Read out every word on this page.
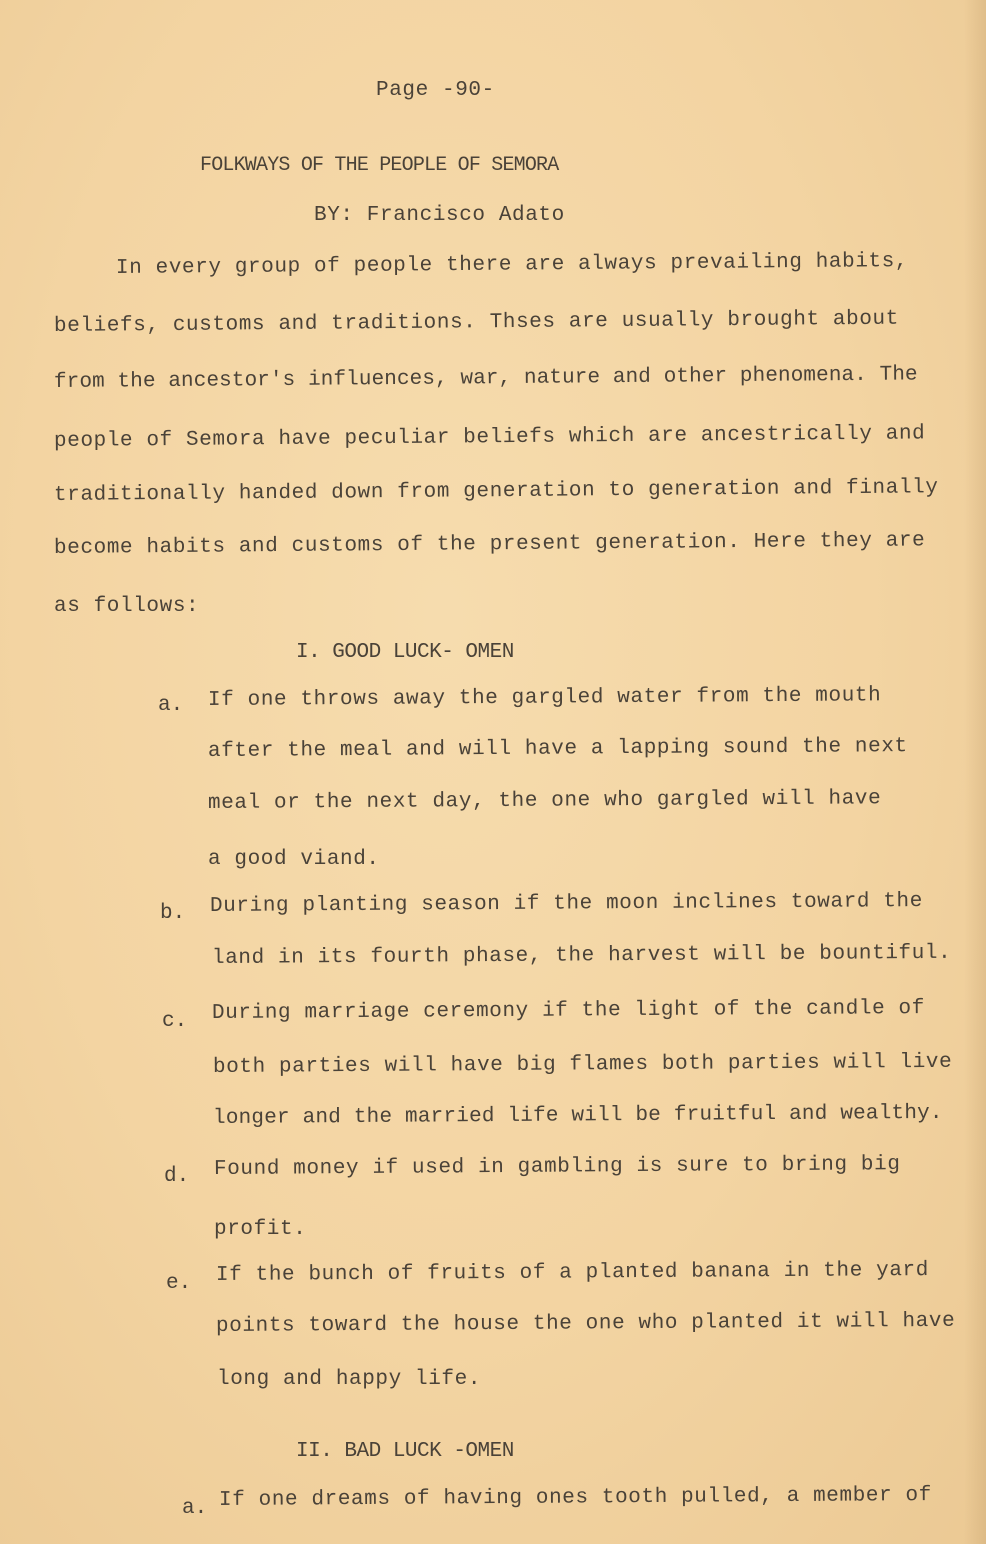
Page -90-
FOLKWAYS OF THE PEOPLE OF SEMORA
BY: Francisco Adato
In every group of people there are always prevailing habits,
beliefs, customs and traditions. Thses are usually brought about
from the ancestor's influences, war, nature and other phenomena. The
people of Semora have peculiar beliefs which are ancestrically and
traditionally handed down from generation to generation and finally
become habits and customs of the present generation. Here they are
as follows:
I. GOOD LUCK- OMEN
a. If one throws away the gargled water from the mouth
after the meal and will have a lapping sound the next
meal or the next day, the one who gargled will have
a good viand.
b. During planting season if the moon inclines toward the
land in its fourth phase, the harvest will be bountiful.
c. During marriage ceremony if the light of the candle of
both parties will have big flames both parties will live
longer and the married life will be fruitful and wealthy.
d. Found money if used in gambling is sure to bring big
profit.
e. If the bunch of fruits of a planted banana in the yard
points toward the house the one who planted it will have
long and happy life.
II. BAD LUCK -OMEN
a. If one dreams of having ones tooth pulled, a member of
